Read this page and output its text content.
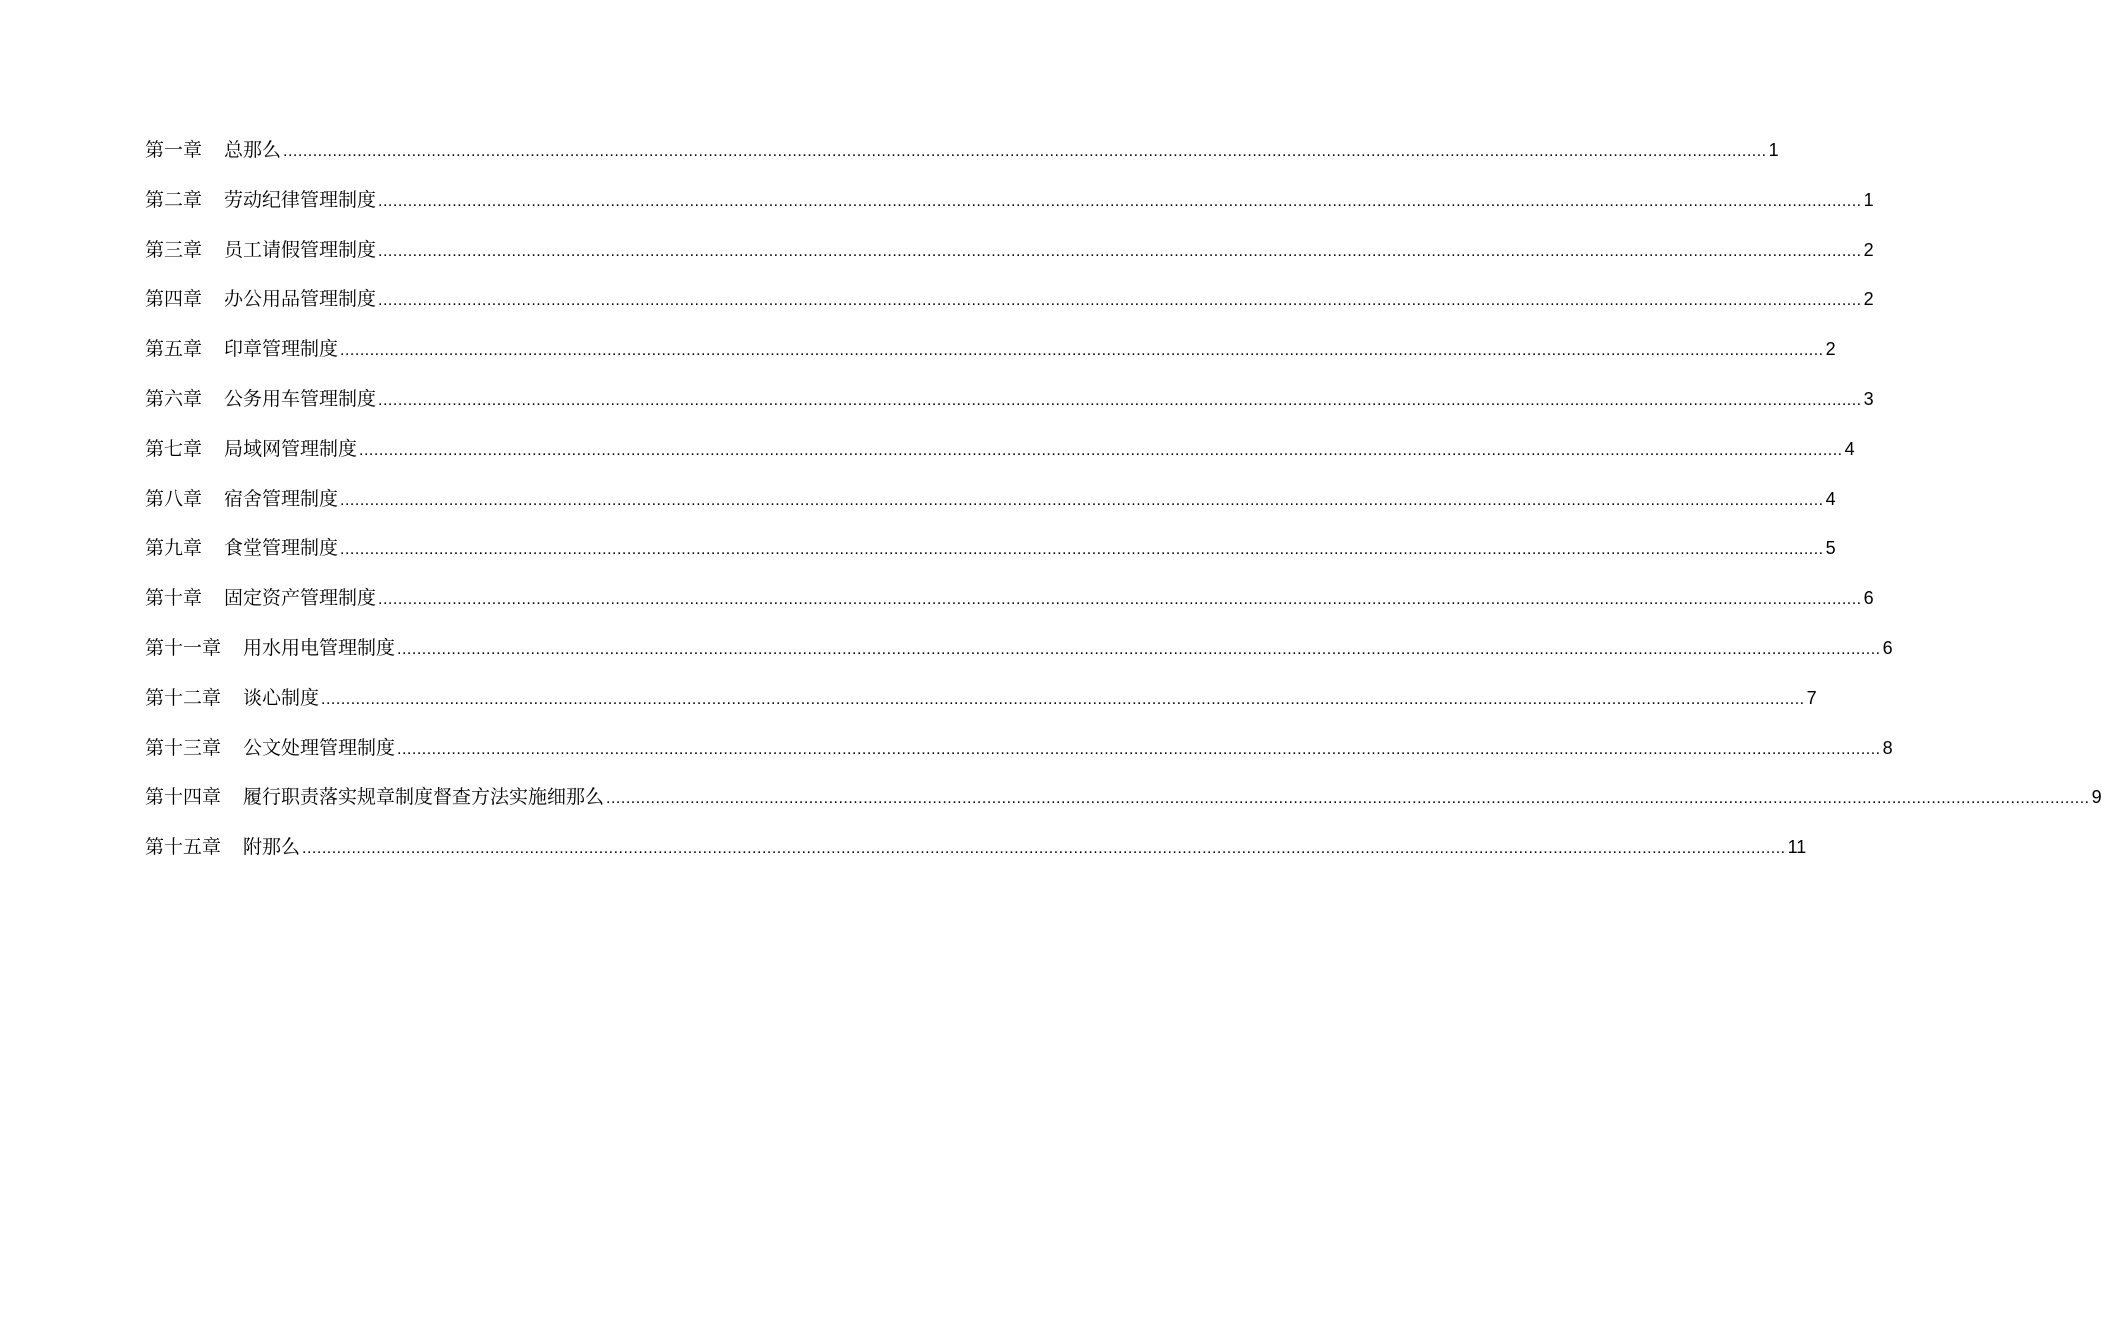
第一章	总那么 ............................................................................................................................................................................................................................................................................................................ 1
第二章	劳动纪律管理制度 ............................................................................................................................................................................................................................................................................................................ 1
第三章	员工请假管理制度 ............................................................................................................................................................................................................................................................................................................ 2
第四章	办公用品管理制度 ............................................................................................................................................................................................................................................................................................................ 2
第五章	印章管理制度 ............................................................................................................................................................................................................................................................................................................ 2
第六章	公务用车管理制度 ............................................................................................................................................................................................................................................................................................................ 3
第七章	局域网管理制度 ............................................................................................................................................................................................................................................................................................................ 4
第八章	宿舍管理制度 ............................................................................................................................................................................................................................................................................................................ 4
第九章	食堂管理制度 ............................................................................................................................................................................................................................................................................................................ 5
第十章	固定资产管理制度 ............................................................................................................................................................................................................................................................................................................ 6
第十一章	用水用电管理制度 ............................................................................................................................................................................................................................................................................................................ 6
第十二章	谈心制度 ............................................................................................................................................................................................................................................................................................................ 7
第十三章	公文处理管理制度 ............................................................................................................................................................................................................................................................................................................ 8
第十四章	履行职责落实规章制度督查方法实施细那么 ............................................................................................................................................................................................................................................................................................................ 9
第十五章	附那么 ............................................................................................................................................................................................................................................................................................................ 11
